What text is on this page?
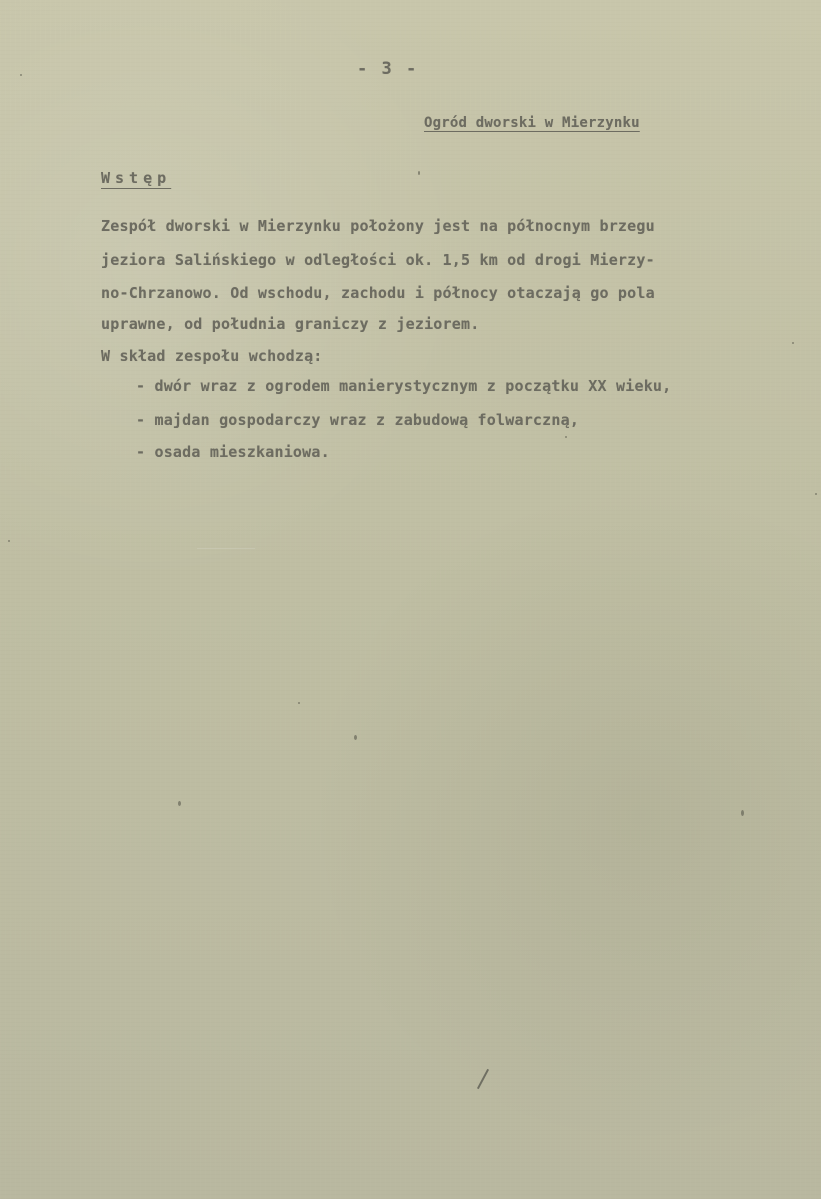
- 3 -
Ogród dworski w Mierzynku
Wstęp
Zespół dworski w Mierzynku położony jest na północnym brzegu
jeziora Salińskiego w odległości ok. 1,5 km od drogi Mierzy-
no-Chrzanowo. Od wschodu, zachodu i północy otaczają go pola
uprawne, od południa graniczy z jeziorem.
W skład zespołu wchodzą:
- dwór wraz z ogrodem manierystycznym z początku XX wieku,
- majdan gospodarczy wraz z zabudową folwarczną,
- osada mieszkaniowa.
